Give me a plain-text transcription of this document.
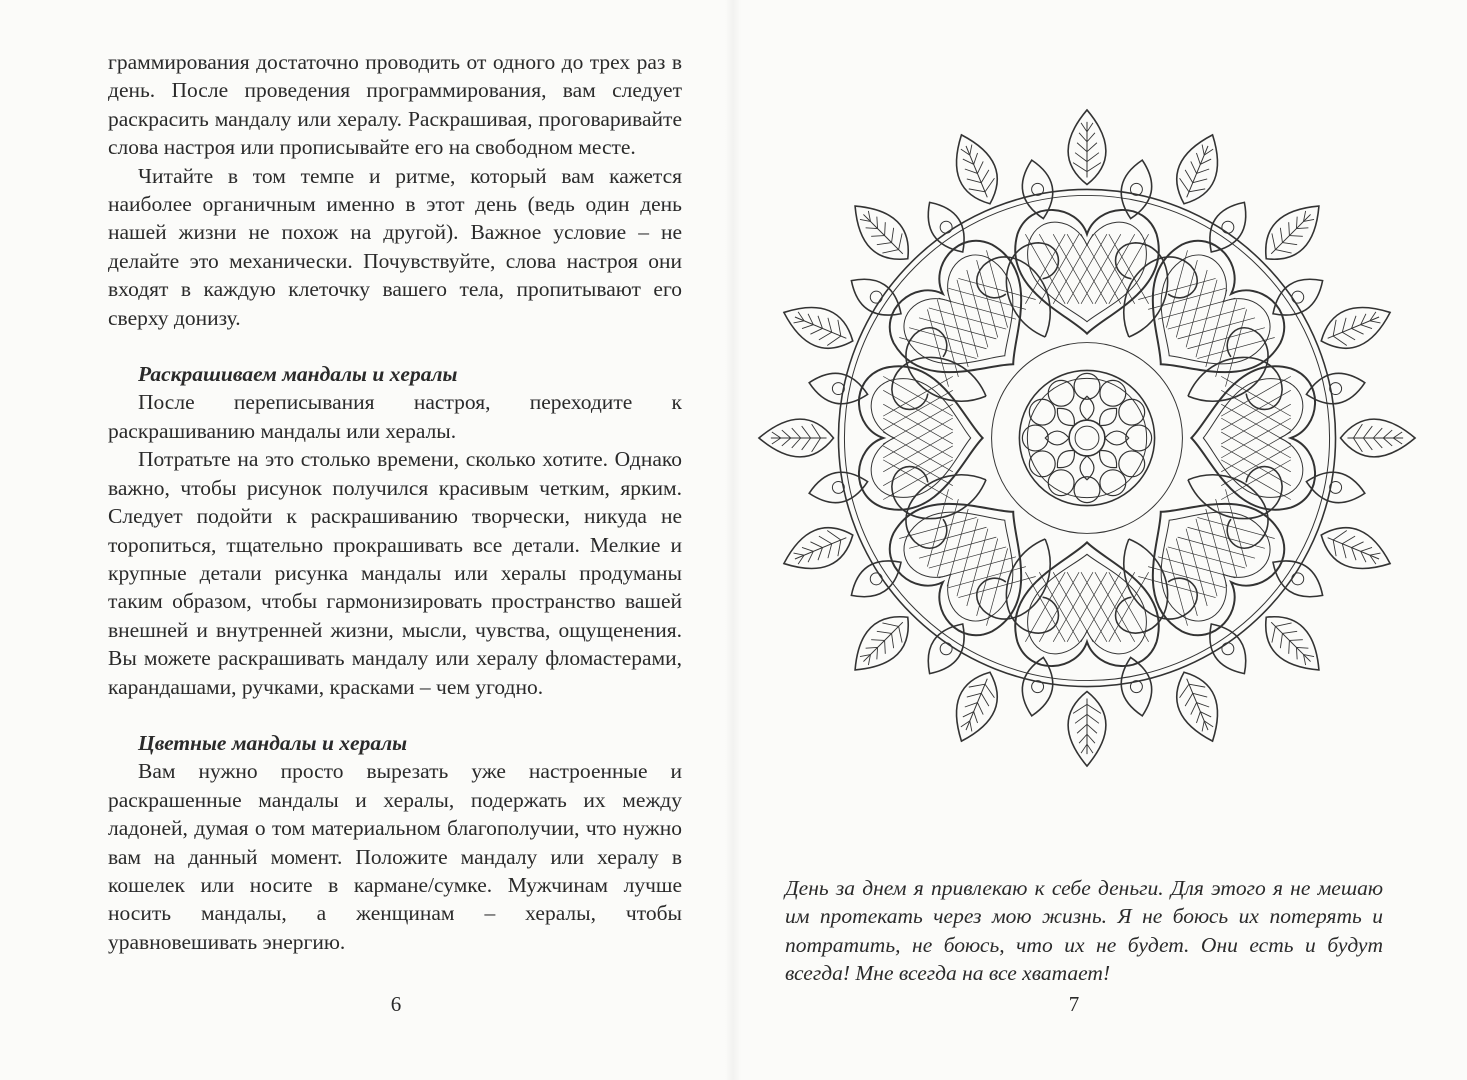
граммирования достаточно проводить от одного до трех раз в день. После проведения программирования, вам следует раскрасить мандалу или хералу. Раскрашивая, проговаривайте слова настроя или прописывайте его на свободном месте.

Читайте в том темпе и ритме, который вам кажется наиболее органичным именно в этот день (ведь один день нашей жизни не похож на другой). Важное условие – не делайте это механически. Почувствуйте, слова настроя они входят в каждую клеточку вашего тела, пропитывают его сверху донизу.

Раскрашиваем мандалы и хералы

После переписывания настроя, переходите к раскрашиванию мандалы или хералы.

Потратьте на это столько времени, сколько хотите. Однако важно, чтобы рисунок получился красивым четким, ярким. Следует подойти к раскрашиванию творчески, никуда не торопиться, тщательно прокрашивать все детали. Мелкие и крупные детали рисунка мандалы или хералы продуманы таким образом, чтобы гармонизировать пространство вашей внешней и внутренней жизни, мысли, чувства, ощущенения. Вы можете раскрашивать мандалу или хералу фломастерами, карандашами, ручками, красками – чем угодно.

Цветные мандалы и хералы

Вам нужно просто вырезать уже настроенные и раскрашенные мандалы и хералы, подержать их между ладоней, думая о том материальном благополучии, что нужно вам на данный момент. Положите мандалу или хералу в кошелек или носите в кармане/сумке. Мужчинам лучше носить мандалы, а женщинам – хералы, чтобы уравновешивать энергию.

6
День за днем я привлекаю к себе деньги. Для этого я не мешаю им протекать через мою жизнь. Я не боюсь их потерять и потратить, не боюсь, что их не будет. Они есть и будут всегда! Мне всегда на все хватает!
7
